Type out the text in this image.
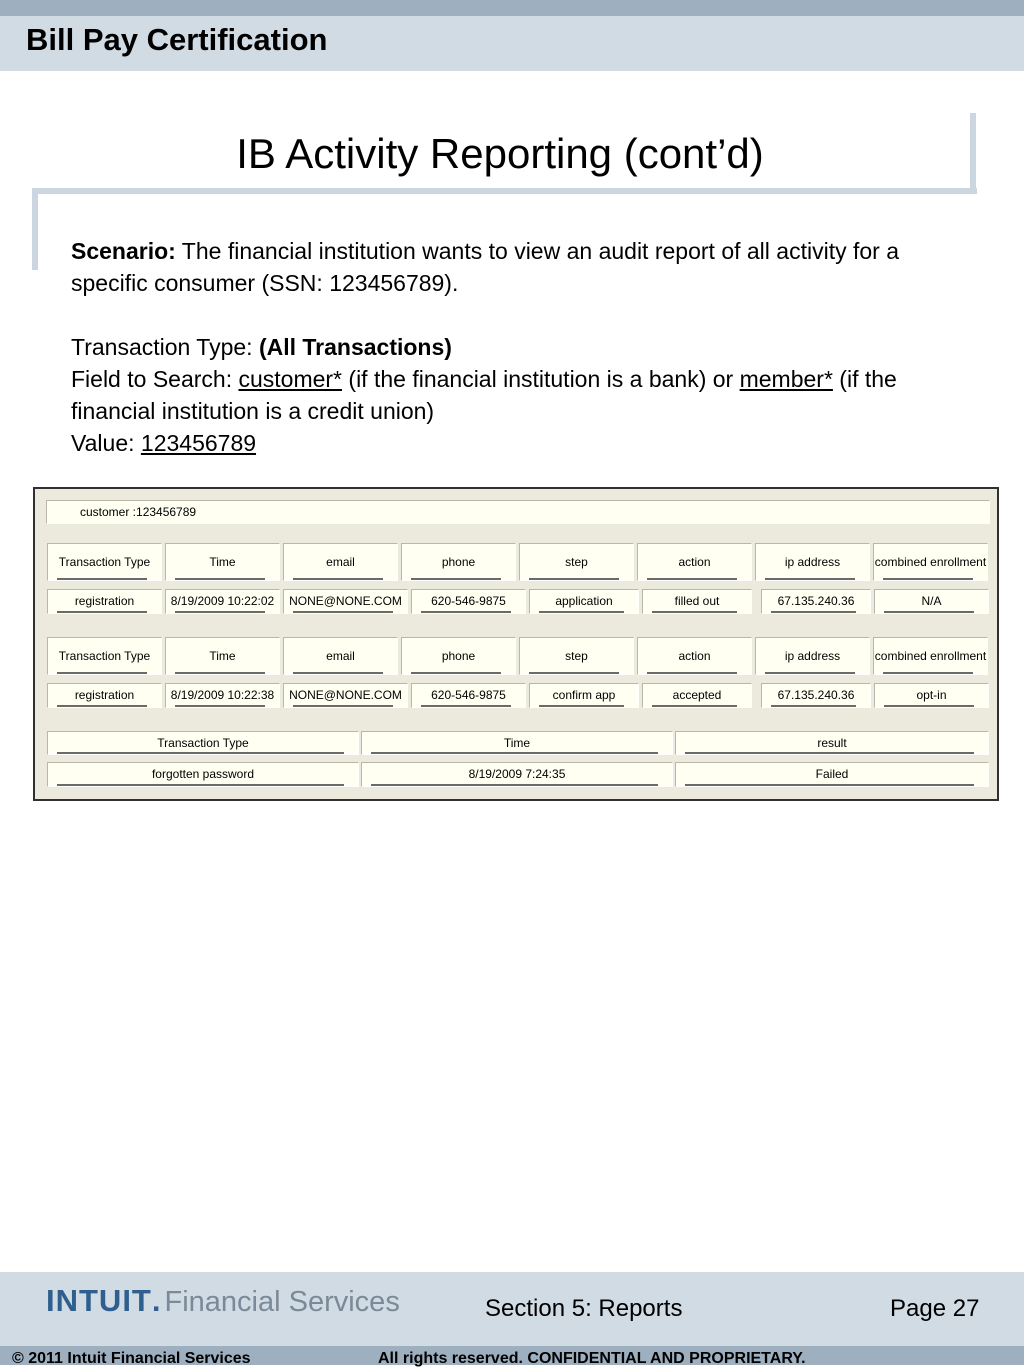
Bill Pay Certification
IB Activity Reporting (cont’d)

Scenario: The financial institution wants to view an audit report of all activity for a specific consumer (SSN: 123456789).

Transaction Type: (All Transactions)

Field to Search: customer* (if the financial institution is a bank) or member* (if the financial institution is a credit union)

Value: 123456789

customer :123456789
Transaction Type	Time	email	phone	step	action	ip address	combined enrollment
registration	8/19/2009 10:22:02	NONE@NONE.COM	620-546-9875	application	filled out	67.135.240.36	N/A
Transaction Type	Time	email	phone	step	action	ip address	combined enrollment
registration	8/19/2009 10:22:38	NONE@NONE.COM	620-546-9875	confirm app	accepted	67.135.240.36	opt-in
Transaction Type	Time	result
forgotten password	8/19/2009 7:24:35	Failed
INTUIT . Financial Services	Section 5: Reports	Page 27
© 2011 Intuit Financial Services	All rights reserved. CONFIDENTIAL AND PROPRIETARY.
